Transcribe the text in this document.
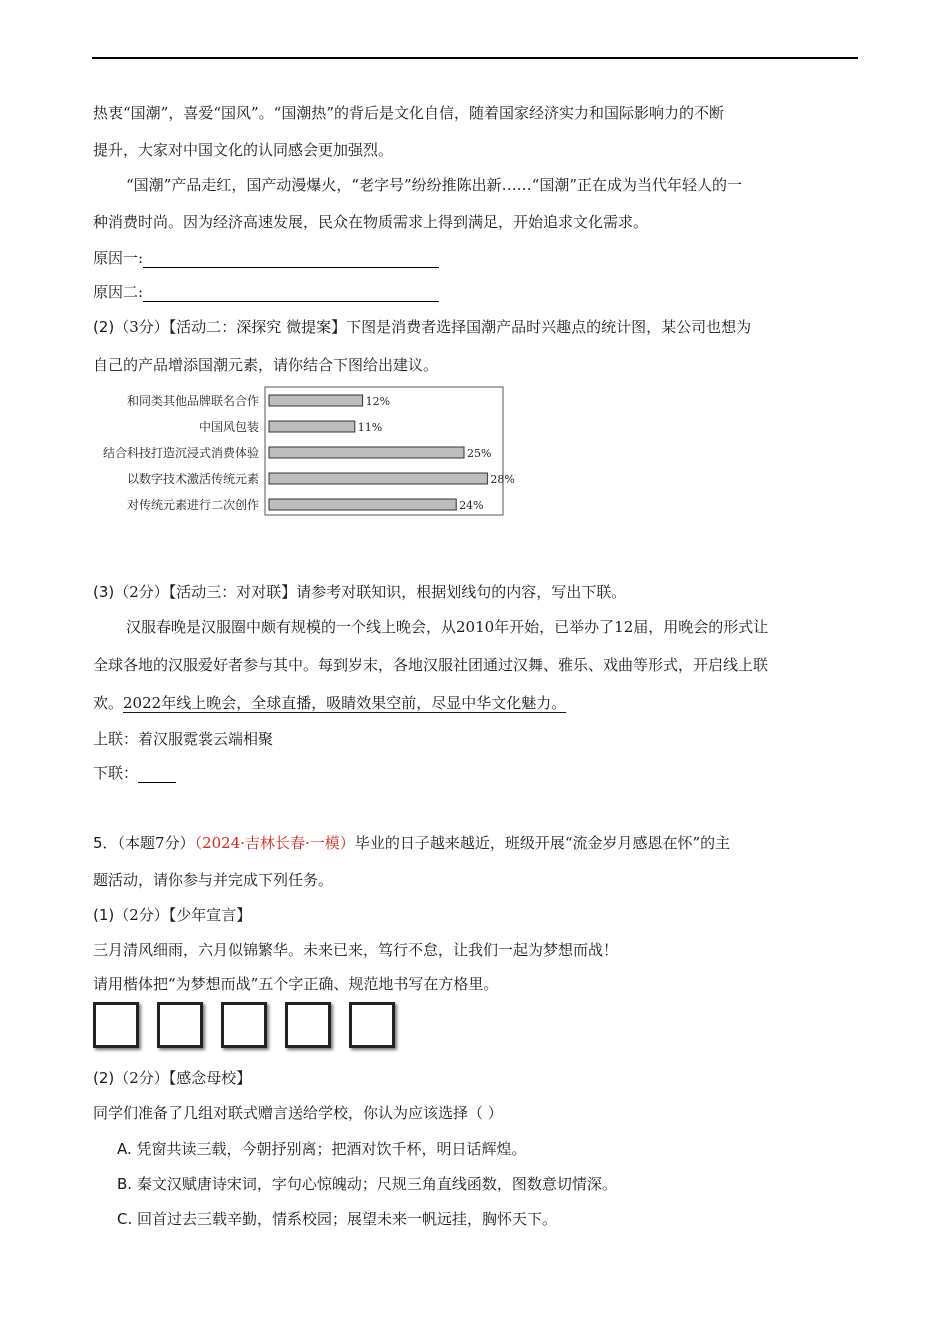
热衷“国潮”，喜爱“国风”。“国潮热”的背后是文化自信，随着国家经济实力和国际影响力的不断
提升，大家对中国文化的认同感会更加强烈。
“国潮”产品走红，国产动漫爆火，“老字号”纷纷推陈出新……“国潮”正在成为当代年轻人的一
种消费时尚。因为经济高速发展，民众在物质需求上得到满足，开始追求文化需求。
原因一:
原因二:
(2)（3分）【活动二：深探究 微提案】下图是消费者选择国潮产品时兴趣点的统计图，某公司也想为
自己的产品增添国潮元素，请你结合下图给出建议。
和同类其他品牌联名合作	12%
中国风包装	11%
结合科技打造沉浸式消费体验	25%
以数字技术激活传统元素	28%
对传统元素进行二次创作	24%
(3)（2分）【活动三：对对联】请参考对联知识，根据划线句的内容，写出下联。
汉服春晚是汉服圈中颇有规模的一个线上晚会，从2010年开始，已举办了12届，用晚会的形式让
全球各地的汉服爱好者参与其中。每到岁末，各地汉服社团通过汉舞、雅乐、戏曲等形式，开启线上联
欢。2022年线上晚会，全球直播，吸睛效果空前，尽显中华文化魅力。
上联：着汉服霓裳云端相聚
下联：
5．（本题7分）（2024·吉林长春·一模）毕业的日子越来越近，班级开展“流金岁月感恩在怀”的主
题活动，请你参与并完成下列任务。
(1)（2分）【少年宣言】
三月清风细雨，六月似锦繁华。未来已来，笃行不怠，让我们一起为梦想而战！
请用楷体把“为梦想而战”五个字正确、规范地书写在方格里。
(2)（2分）【感念母校】
同学们准备了几组对联式赠言送给学校，你认为应该选择（ ）
A. 凭窗共读三载，今朝抒别离；把酒对饮千杯，明日话辉煌。
B. 秦文汉赋唐诗宋词，字句心惊魄动；尺规三角直线函数，图数意切情深。
C. 回首过去三载辛勤，情系校园；展望未来一帆远挂，胸怀天下。
